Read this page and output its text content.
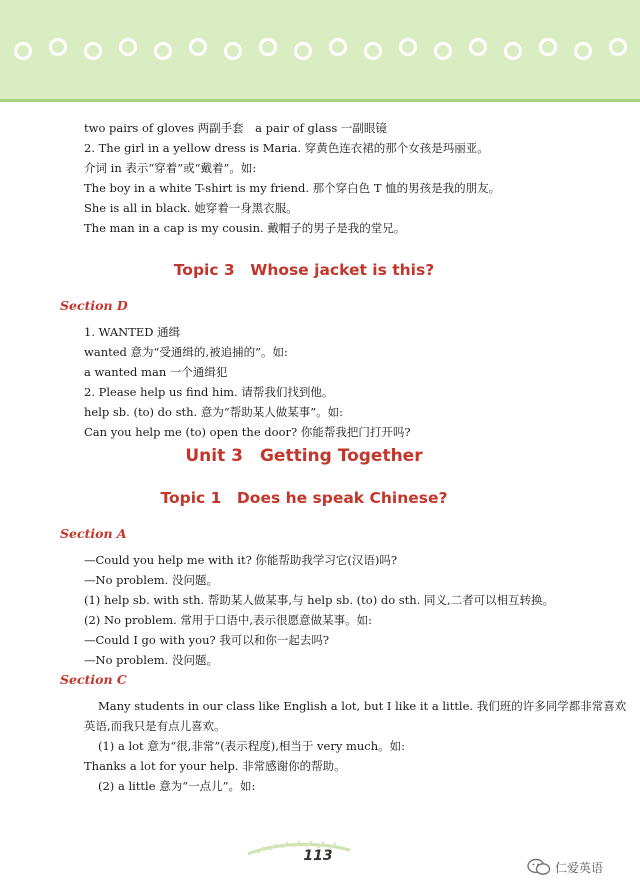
two pairs of gloves 两副手套　a pair of glass 一副眼镜
2. The girl in a yellow dress is Maria. 穿黄色连衣裙的那个女孩是玛丽亚。
介词 in 表示“穿着”或“戴着”。如:
The boy in a white T-shirt is my friend. 那个穿白色 T 恤的男孩是我的朋友。
She is all in black. 她穿着一身黑衣服。
The man in a cap is my cousin. 戴帽子的男子是我的堂兄。
Topic 3　Whose jacket is this?
Section D
1. WANTED 通缉
wanted 意为“受通缉的,被追捕的”。如:
a wanted man 一个通缉犯
2. Please help us find him. 请帮我们找到他。
help sb. (to) do sth. 意为“帮助某人做某事”。如:
Can you help me (to) open the door? 你能帮我把门打开吗?
Unit 3　Getting Together
Topic 1　Does he speak Chinese?
Section A
—Could you help me with it? 你能帮助我学习它(汉语)吗?
—No problem. 没问题。
(1) help sb. with sth. 帮助某人做某事,与 help sb. (to) do sth. 同义,二者可以相互转换。
(2) No problem. 常用于口语中,表示很愿意做某事。如:
—Could I go with you? 我可以和你一起去吗?
—No problem. 没问题。
Section C
Many students in our class like English a lot, but I like it a little. 我们班的许多同学都非常喜欢
英语,而我只是有点儿喜欢。
(1) a lot 意为“很,非常”(表示程度),相当于 very much。如:
Thanks a lot for your help. 非常感谢你的帮助。
(2) a little 意为“一点儿”。如:
113
仁爱英语
